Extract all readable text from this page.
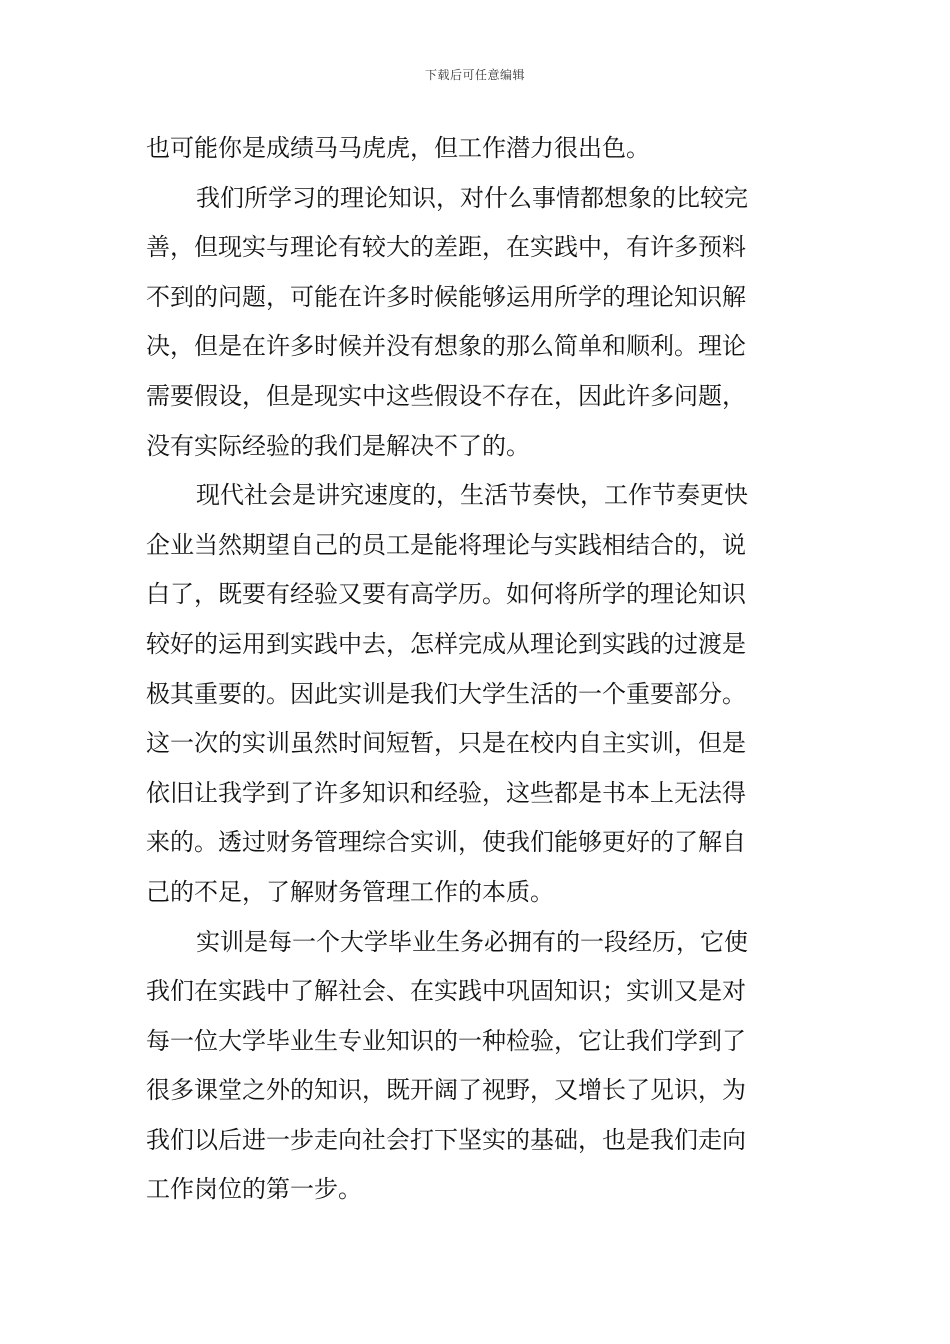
下载后可任意编辑
也可能你是成绩马马虎虎，但工作潜力很出色。
我们所学习的理论知识，对什么事情都想象的比较完
善，但现实与理论有较大的差距，在实践中，有许多预料
不到的问题，可能在许多时候能够运用所学的理论知识解
决，但是在许多时候并没有想象的那么简单和顺利。理论
需要假设，但是现实中这些假设不存在，因此许多问题，
没有实际经验的我们是解决不了的。
现代社会是讲究速度的，生活节奏快，工作节奏更快
企业当然期望自己的员工是能将理论与实践相结合的，说
白了，既要有经验又要有高学历。如何将所学的理论知识
较好的运用到实践中去，怎样完成从理论到实践的过渡是
极其重要的。因此实训是我们大学生活的一个重要部分。
这一次的实训虽然时间短暂，只是在校内自主实训，但是
依旧让我学到了许多知识和经验，这些都是书本上无法得
来的。透过财务管理综合实训，使我们能够更好的了解自
己的不足，了解财务管理工作的本质。
实训是每一个大学毕业生务必拥有的一段经历，它使
我们在实践中了解社会、在实践中巩固知识；实训又是对
每一位大学毕业生专业知识的一种检验，它让我们学到了
很多课堂之外的知识，既开阔了视野，又增长了见识，为
我们以后进一步走向社会打下坚实的基础，也是我们走向
工作岗位的第一步。
